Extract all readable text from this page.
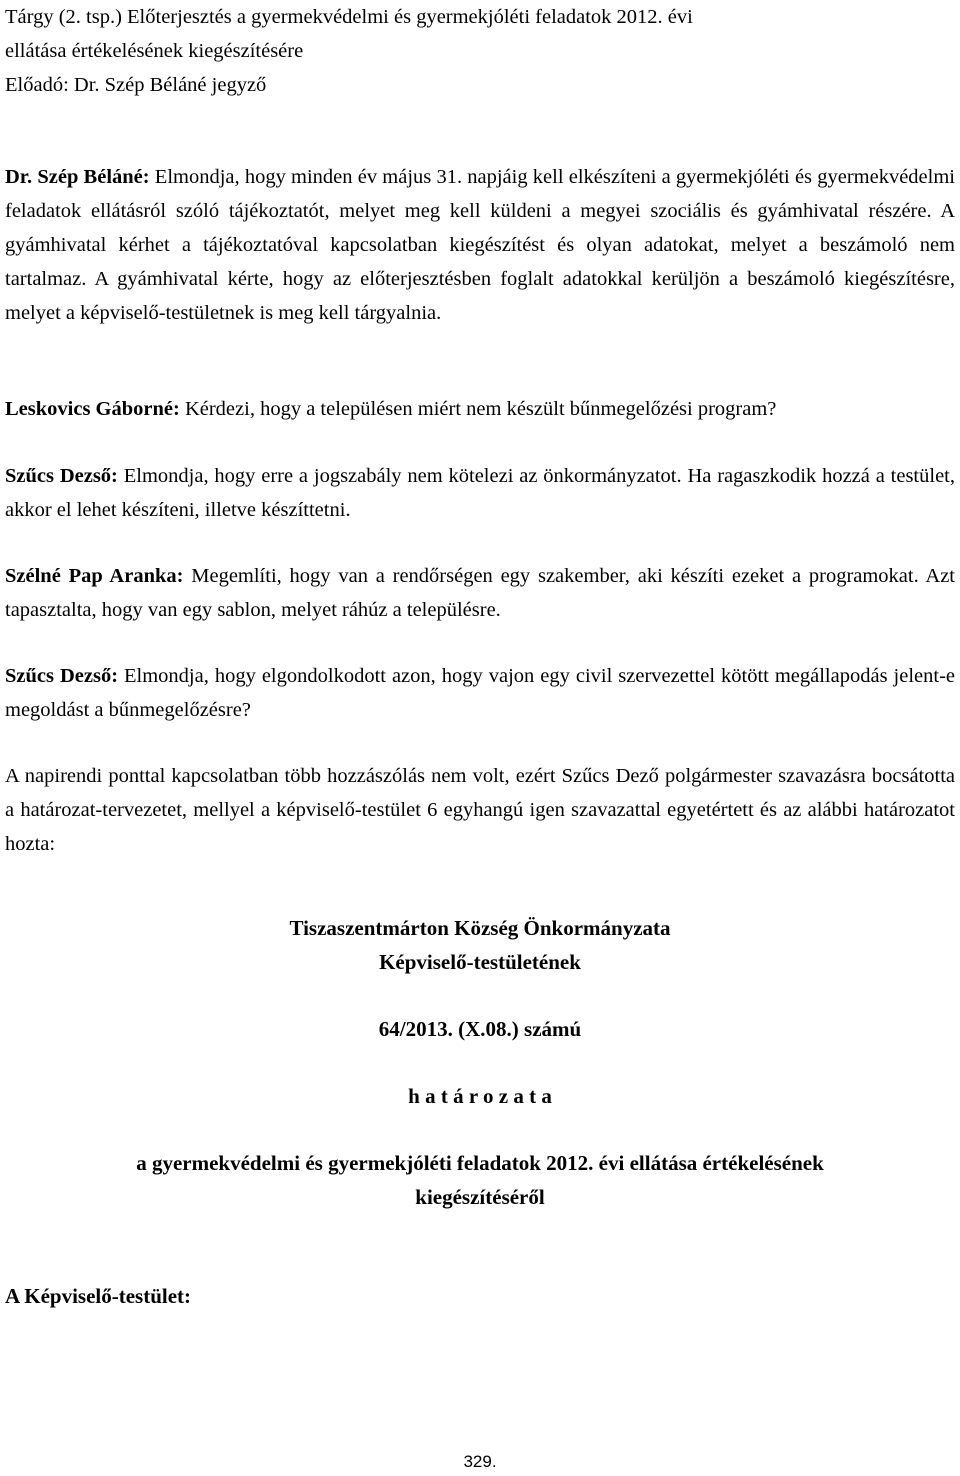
Tárgy (2. tsp.) Előterjesztés a gyermekvédelmi és gyermekjóléti feladatok 2012. évi
ellátása értékelésének kiegészítésére
Előadó: Dr. Szép Béláné jegyző

Dr. Szép Béláné: Elmondja, hogy minden év május 31. napjáig kell elkészíteni a gyermekjóléti és gyermekvédelmi feladatok ellátásról szóló tájékoztatót, melyet meg kell küldeni a megyei szociális és gyámhivatal részére. A gyámhivatal kérhet a tájékoztatóval kapcsolatban kiegészítést és olyan adatokat, melyet a beszámoló nem tartalmaz. A gyámhivatal kérte, hogy az előterjesztésben foglalt adatokkal kerüljön a beszámoló kiegészítésre, melyet a képviselő-testületnek is meg kell tárgyalnia.

Leskovics Gáborné: Kérdezi, hogy a településen miért nem készült bűnmegelőzési program?

Szűcs Dezső: Elmondja, hogy erre a jogszabály nem kötelezi az önkormányzatot. Ha ragaszkodik hozzá a testület, akkor el lehet készíteni, illetve készíttetni.

Szélné Pap Aranka: Megemlíti, hogy van a rendőrségen egy szakember, aki készíti ezeket a programokat. Azt tapasztalta, hogy van egy sablon, melyet ráhúz a településre.

Szűcs Dezső: Elmondja, hogy elgondolkodott azon, hogy vajon egy civil szervezettel kötött megállapodás jelent-e megoldást a bűnmegelőzésre?

A napirendi ponttal kapcsolatban több hozzászólás nem volt, ezért Szűcs Dező polgármester szavazásra bocsátotta a határozat-tervezetet, mellyel a képviselő-testület 6 egyhangú igen szavazattal egyetértett és az alábbi határozatot hozta:

Tiszaszentmárton Község Önkormányzata
Képviselő-testületének
64/2013. (X.08.) számú
h a t á r o z a t a
a gyermekvédelmi és gyermekjóléti feladatok 2012. évi ellátása értékelésének
kiegészítéséről
A Képviselő-testület:
329.
